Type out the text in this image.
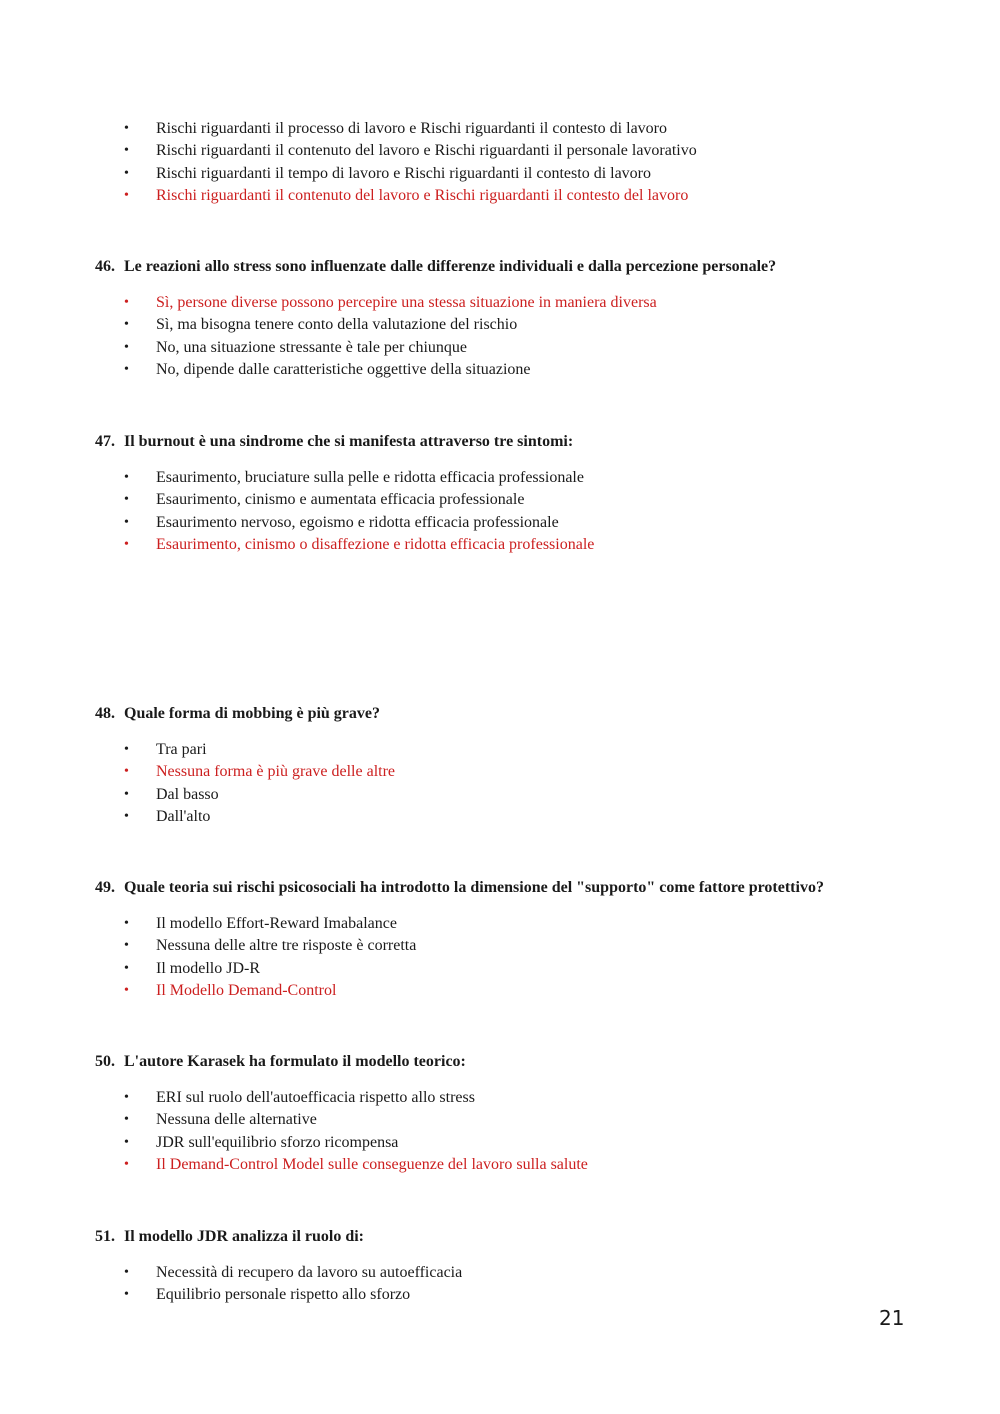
• Rischi riguardanti il processo di lavoro e Rischi riguardanti il contesto di lavoro
• Rischi riguardanti il contenuto del lavoro e Rischi riguardanti il personale lavorativo
• Rischi riguardanti il tempo di lavoro e Rischi riguardanti il contesto di lavoro
• Rischi riguardanti il contenuto del lavoro e Rischi riguardanti il contesto del lavoro
46. Le reazioni allo stress sono influenzate dalle differenze individuali e dalla percezione personale?
• Sì, persone diverse possono percepire una stessa situazione in maniera diversa
• Sì, ma bisogna tenere conto della valutazione del rischio
• No, una situazione stressante è tale per chiunque
• No, dipende dalle caratteristiche oggettive della situazione
47. Il burnout è una sindrome che si manifesta attraverso tre sintomi:
• Esaurimento, bruciature sulla pelle e ridotta efficacia professionale
• Esaurimento, cinismo e aumentata efficacia professionale
• Esaurimento nervoso, egoismo e ridotta efficacia professionale
• Esaurimento, cinismo o disaffezione e ridotta efficacia professionale
48. Quale forma di mobbing è più grave?
• Tra pari
• Nessuna forma è più grave delle altre
• Dal basso
• Dall'alto
49. Quale teoria sui rischi psicosociali ha introdotto la dimensione del "supporto" come fattore protettivo?
• Il modello Effort-Reward Imabalance
• Nessuna delle altre tre risposte è corretta
• Il modello JD-R
• Il Modello Demand-Control
50. L'autore Karasek ha formulato il modello teorico:
• ERI sul ruolo dell'autoefficacia rispetto allo stress
• Nessuna delle alternative
• JDR sull'equilibrio sforzo ricompensa
• Il Demand-Control Model sulle conseguenze del lavoro sulla salute
51. Il modello JDR analizza il ruolo di:
• Necessità di recupero da lavoro su autoefficacia
• Equilibrio personale rispetto allo sforzo
21
